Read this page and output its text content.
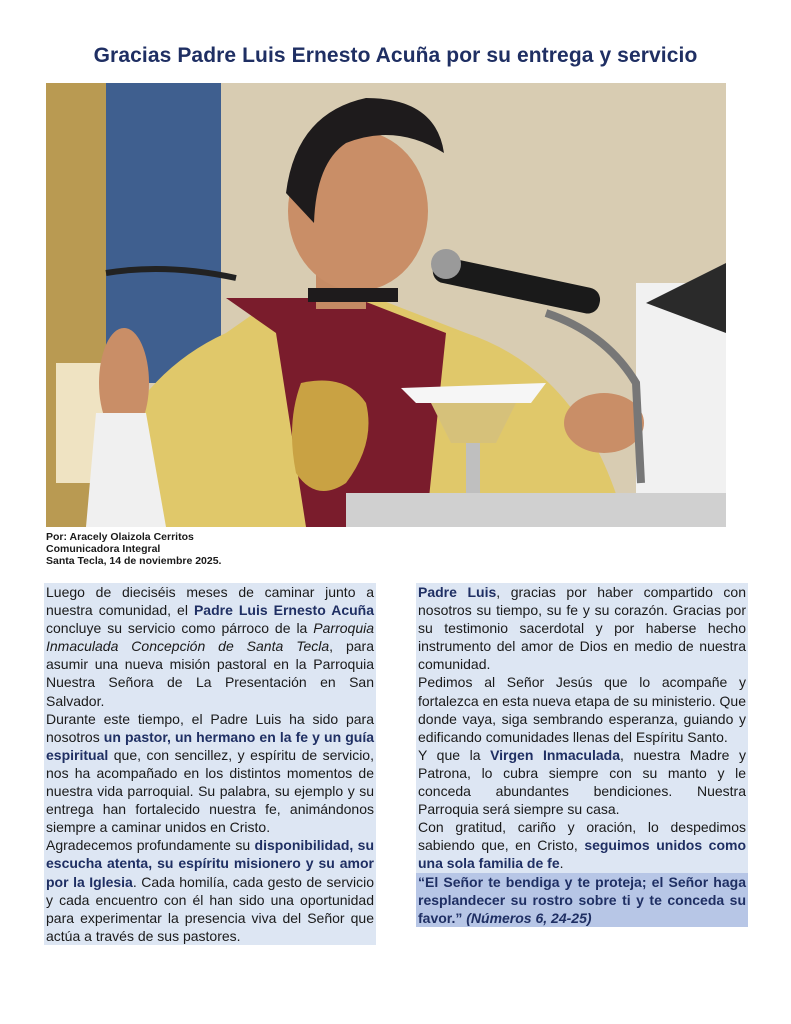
Gracias Padre Luis Ernesto Acuña por su entrega y servicio
Por: Aracely Olaizola Cerritos
Comunicadora Integral
Santa Tecla, 14 de noviembre 2025.

Luego de dieciséis meses de caminar junto a nuestra comunidad, el Padre Luis Ernesto Acuña concluye su servicio como párroco de la Parroquia Inmaculada Concepción de Santa Tecla, para asumir una nueva misión pastoral en la Parroquia Nuestra Señora de La Presentación en San Salvador.

Durante este tiempo, el Padre Luis ha sido para nosotros un pastor, un hermano en la fe y un guía espiritual que, con sencillez, y espíritu de servicio, nos ha acompañado en los distintos momentos de nuestra vida parroquial. Su palabra, su ejemplo y su entrega han fortalecido nuestra fe, animándonos siempre a caminar unidos en Cristo.

Agradecemos profundamente su disponibilidad, su escucha atenta, su espíritu misionero y su amor por la Iglesia. Cada homilía, cada gesto de servicio y cada encuentro con él han sido una oportunidad para experimentar la presencia viva del Señor que actúa a través de sus pastores.

Padre Luis, gracias por haber compartido con nosotros su tiempo, su fe y su corazón. Gracias por su testimonio sacerdotal y por haberse hecho instrumento del amor de Dios en medio de nuestra comunidad.

Pedimos al Señor Jesús que lo acompañe y fortalezca en esta nueva etapa de su ministerio. Que donde vaya, siga sembrando esperanza, guiando y edificando comunidades llenas del Espíritu Santo.

Y que la Virgen Inmaculada, nuestra Madre y Patrona, lo cubra siempre con su manto y le conceda abundantes bendiciones. Nuestra Parroquia será siempre su casa.

Con gratitud, cariño y oración, lo despedimos sabiendo que, en Cristo, seguimos unidos como una sola familia de fe.

“El Señor te bendiga y te proteja; el Señor haga resplandecer su rostro sobre ti y te conceda su favor.” (Números 6, 24-25)
